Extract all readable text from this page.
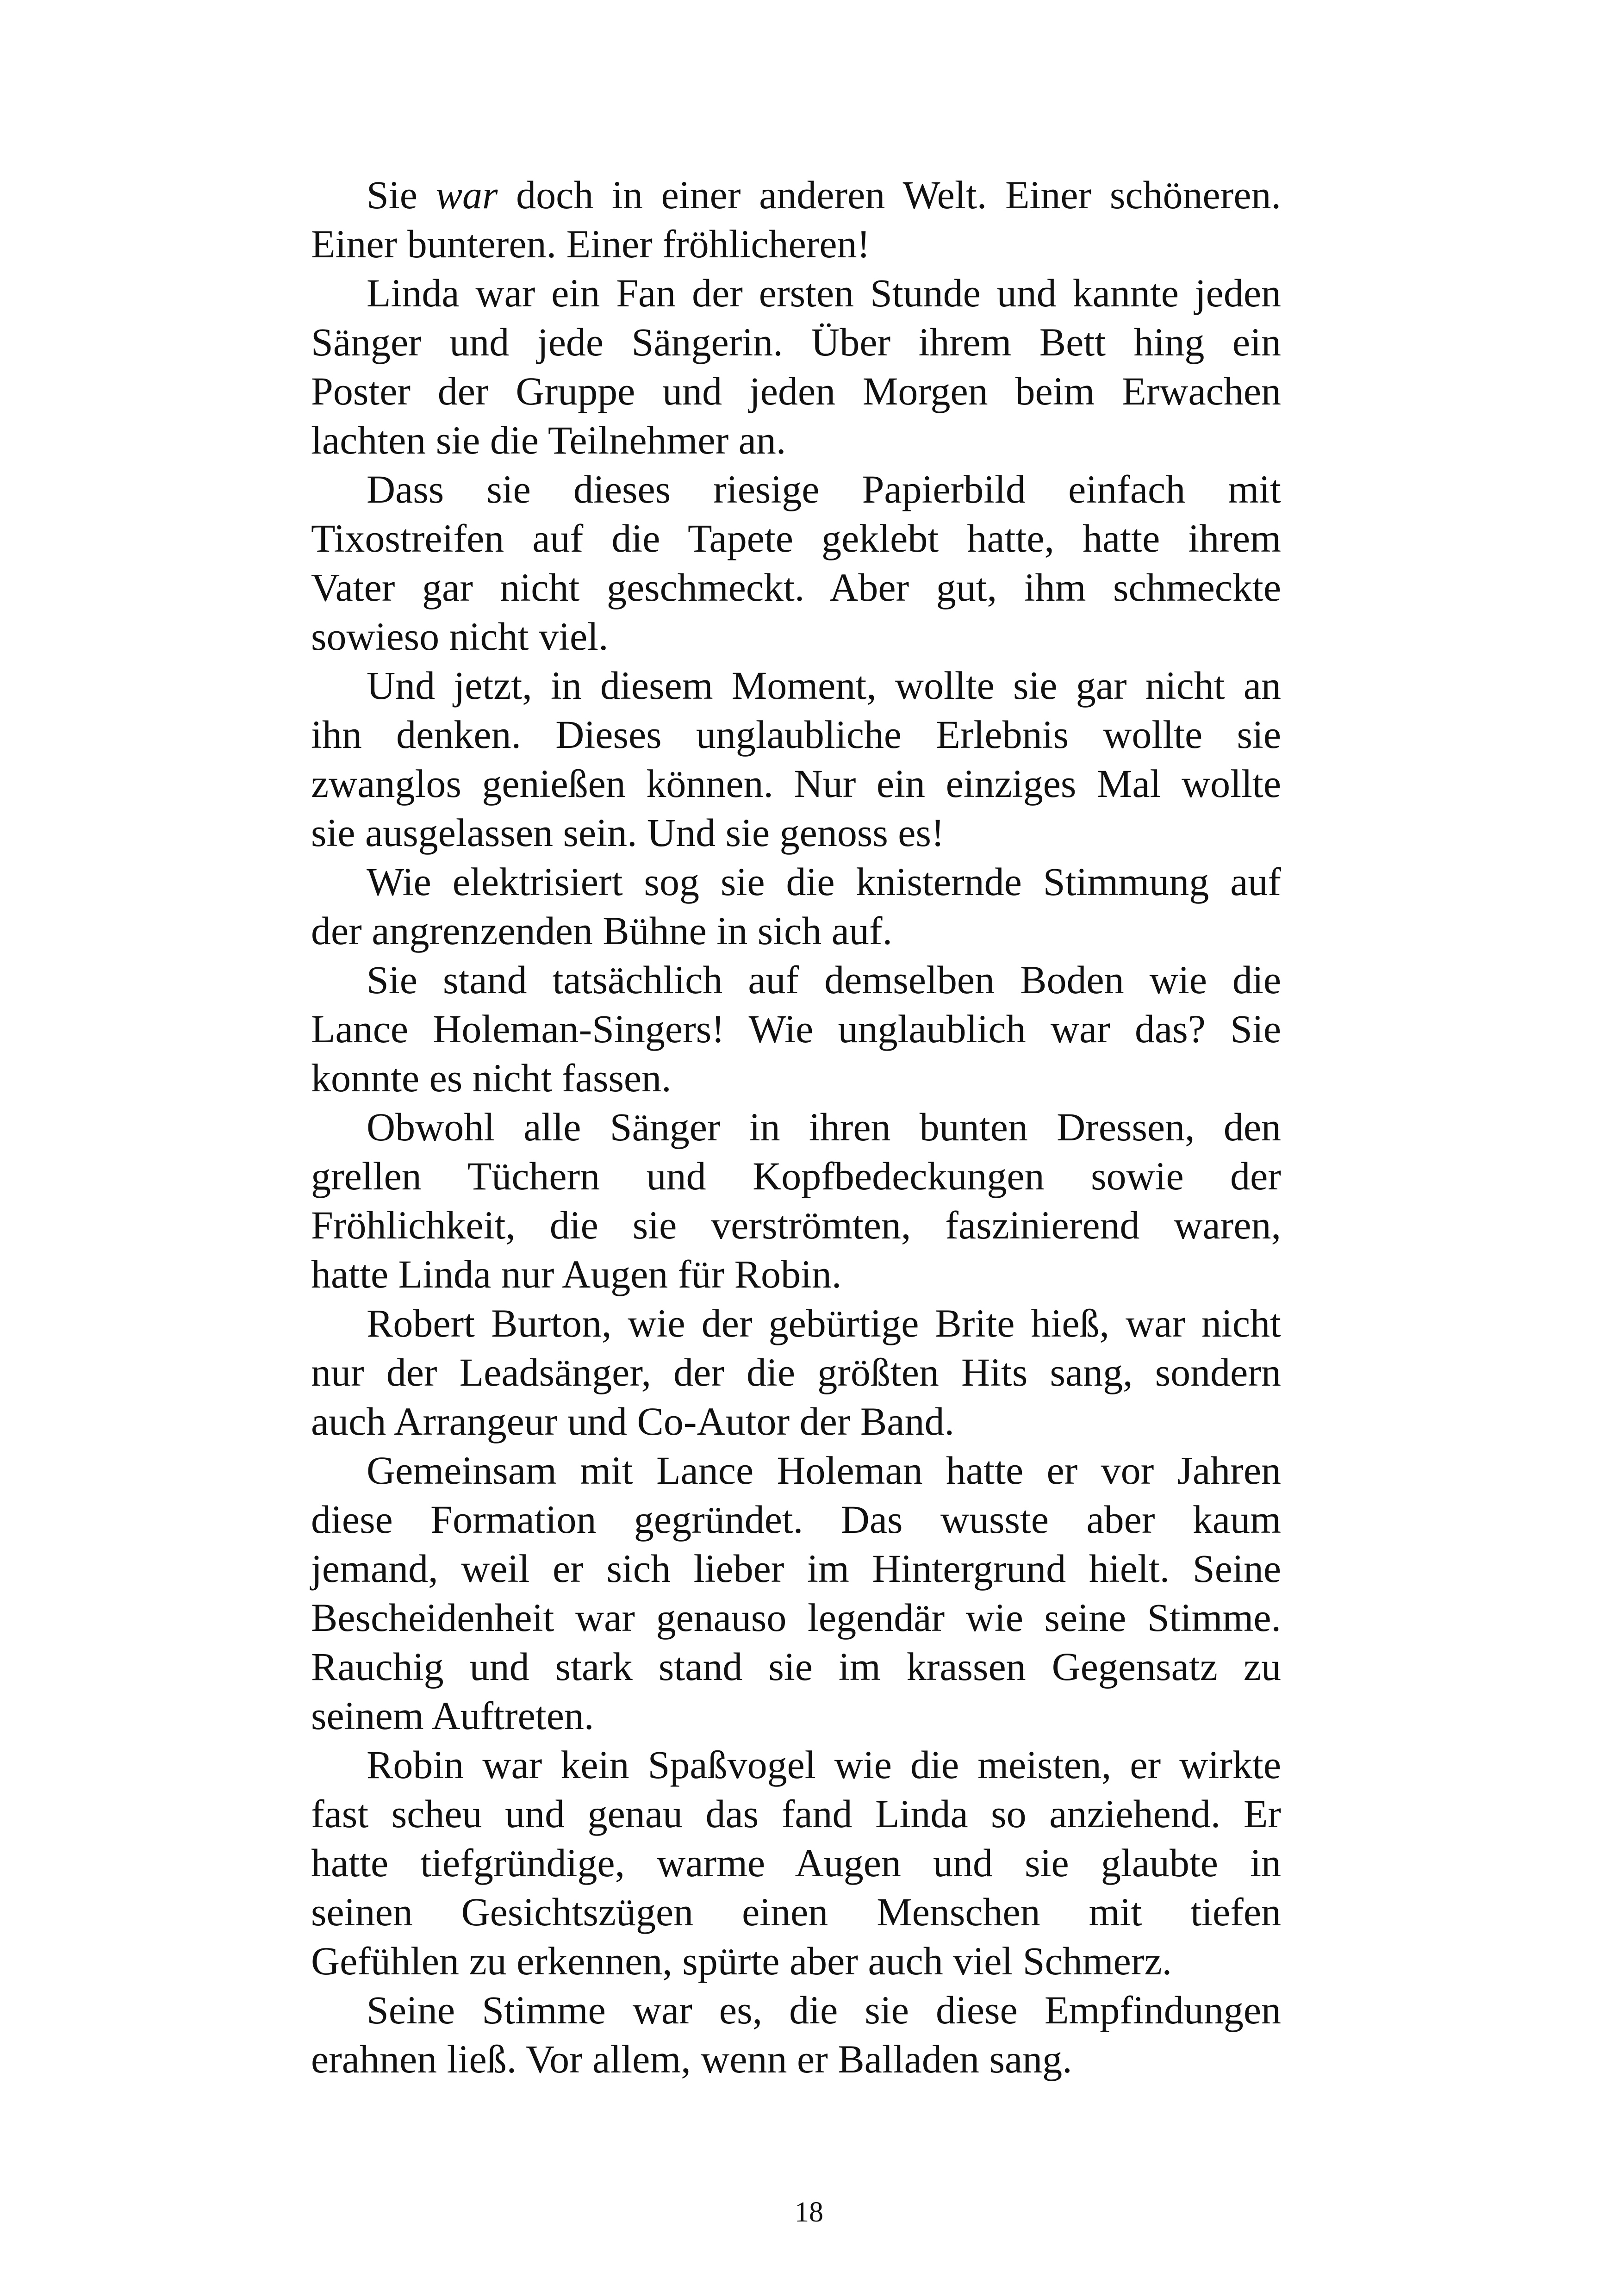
Sie war doch in einer anderen Welt. Einer schöneren.
Einer bunteren. Einer fröhlicheren!
Linda war ein Fan der ersten Stunde und kannte jeden
Sänger und jede Sängerin. Über ihrem Bett hing ein
Poster der Gruppe und jeden Morgen beim Erwachen
lachten sie die Teilnehmer an.
Dass sie dieses riesige Papierbild einfach mit
Tixostreifen auf die Tapete geklebt hatte, hatte ihrem
Vater gar nicht geschmeckt. Aber gut, ihm schmeckte
sowieso nicht viel.
Und jetzt, in diesem Moment, wollte sie gar nicht an
ihn denken. Dieses unglaubliche Erlebnis wollte sie
zwanglos genießen können. Nur ein einziges Mal wollte
sie ausgelassen sein. Und sie genoss es!
Wie elektrisiert sog sie die knisternde Stimmung auf
der angrenzenden Bühne in sich auf.
Sie stand tatsächlich auf demselben Boden wie die
Lance Holeman-Singers! Wie unglaublich war das? Sie
konnte es nicht fassen.
Obwohl alle Sänger in ihren bunten Dressen, den
grellen Tüchern und Kopfbedeckungen sowie der
Fröhlichkeit, die sie verströmten, faszinierend waren,
hatte Linda nur Augen für Robin.
Robert Burton, wie der gebürtige Brite hieß, war nicht
nur der Leadsänger, der die größten Hits sang, sondern
auch Arrangeur und Co-Autor der Band.
Gemeinsam mit Lance Holeman hatte er vor Jahren
diese Formation gegründet. Das wusste aber kaum
jemand, weil er sich lieber im Hintergrund hielt. Seine
Bescheidenheit war genauso legendär wie seine Stimme.
Rauchig und stark stand sie im krassen Gegensatz zu
seinem Auftreten.
Robin war kein Spaßvogel wie die meisten, er wirkte
fast scheu und genau das fand Linda so anziehend. Er
hatte tiefgründige, warme Augen und sie glaubte in
seinen Gesichtszügen einen Menschen mit tiefen
Gefühlen zu erkennen, spürte aber auch viel Schmerz.
Seine Stimme war es, die sie diese Empfindungen
erahnen ließ. Vor allem, wenn er Balladen sang.
18
